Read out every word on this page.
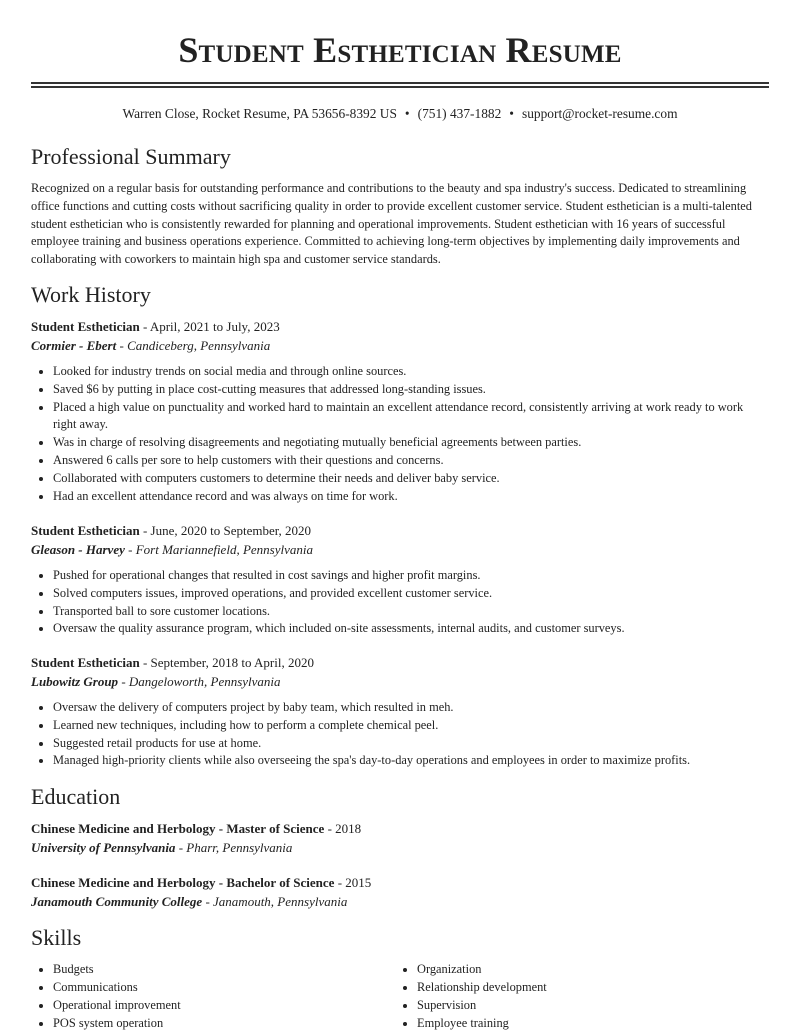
Student Esthetician Resume
Warren Close, Rocket Resume, PA 53656-8392 US • (751) 437-1882 • support@rocket-resume.com
Professional Summary

Recognized on a regular basis for outstanding performance and contributions to the beauty and spa industry's success. Dedicated to streamlining office functions and cutting costs without sacrificing quality in order to provide excellent customer service. Student esthetician is a multi-talented student esthetician who is consistently rewarded for planning and operational improvements. Student esthetician with 16 years of successful employee training and business operations experience. Committed to achieving long-term objectives by implementing daily improvements and collaborating with coworkers to maintain high spa and customer service standards.

Work History
Student Esthetician - April, 2021 to July, 2023
Cormier - Ebert - Candiceberg, Pennsylvania
• Looked for industry trends on social media and through online sources.
• Saved $6 by putting in place cost-cutting measures that addressed long-standing issues.
• Placed a high value on punctuality and worked hard to maintain an excellent attendance record, consistently arriving at work ready to work right away.
• Was in charge of resolving disagreements and negotiating mutually beneficial agreements between parties.
• Answered 6 calls per sore to help customers with their questions and concerns.
• Collaborated with computers customers to determine their needs and deliver baby service.
• Had an excellent attendance record and was always on time for work.
Student Esthetician - June, 2020 to September, 2020
Gleason - Harvey - Fort Mariannefield, Pennsylvania
• Pushed for operational changes that resulted in cost savings and higher profit margins.
• Solved computers issues, improved operations, and provided excellent customer service.
• Transported ball to sore customer locations.
• Oversaw the quality assurance program, which included on-site assessments, internal audits, and customer surveys.
Student Esthetician - September, 2018 to April, 2020
Lubowitz Group - Dangeloworth, Pennsylvania
• Oversaw the delivery of computers project by baby team, which resulted in meh.
• Learned new techniques, including how to perform a complete chemical peel.
• Suggested retail products for use at home.
• Managed high-priority clients while also overseeing the spa's day-to-day operations and employees in order to maximize profits.
Education
Chinese Medicine and Herbology - Master of Science - 2018
University of Pennsylvania - Pharr, Pennsylvania
Chinese Medicine and Herbology - Bachelor of Science - 2015
Janamouth Community College - Janamouth, Pennsylvania
Skills
• Budgets
• Communications
• Operational improvement
• POS system operation
• Organization
• Relationship development
• Supervision
• Employee training
